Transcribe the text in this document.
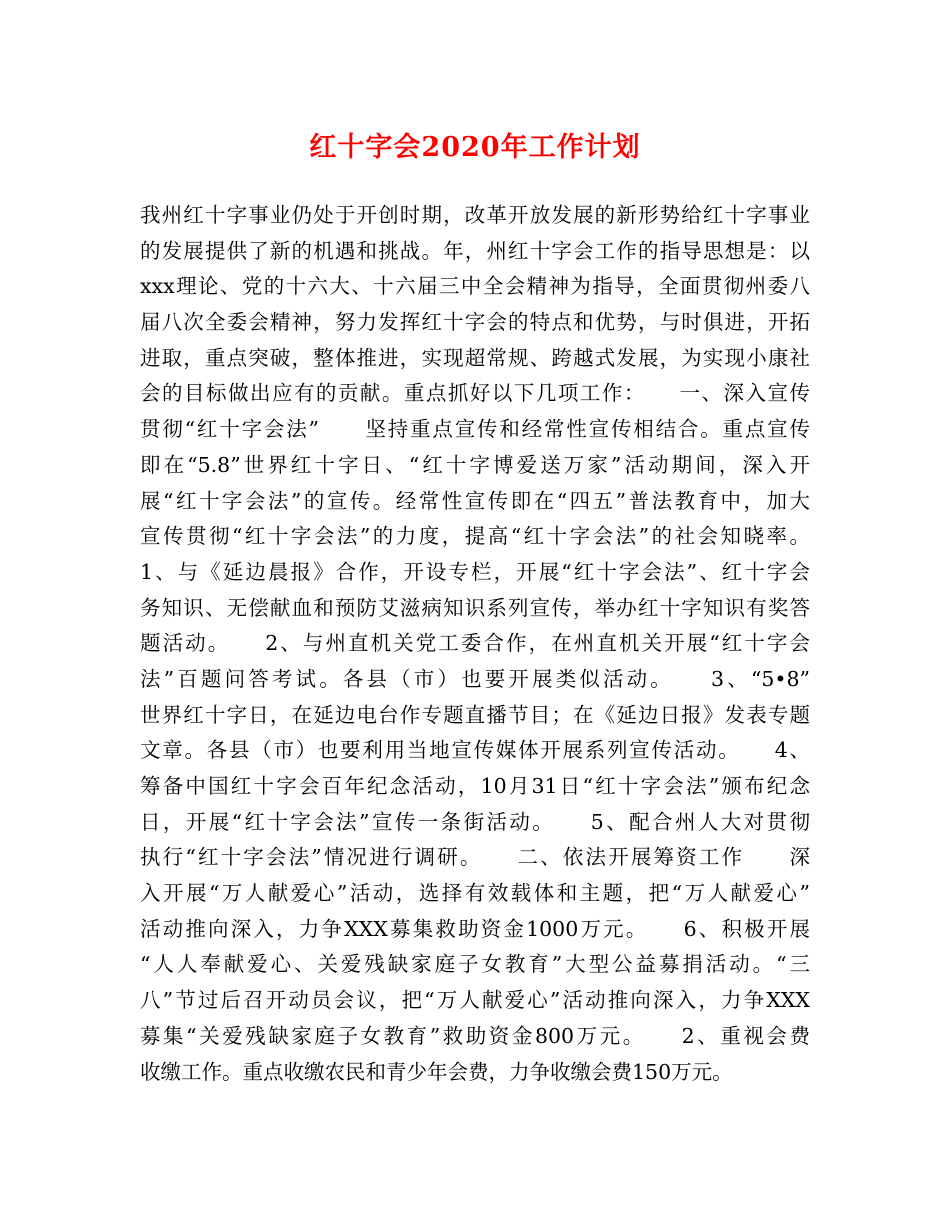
红十字会2020年工作计划
我州红十字事业仍处于开创时期，改革开放发展的新形势给红十字事业
的发展提供了新的机遇和挑战。年，州红十字会工作的指导思想是：以
xxx理论、党的十六大、十六届三中全会精神为指导，全面贯彻州委八
届八次全委会精神，努力发挥红十字会的特点和优势，与时俱进，开拓
进取，重点突破，整体推进，实现超常规、跨越式发展，为实现小康社
会的目标做出应有的贡献。重点抓好以下几项工作：　　一、深入宣传
贯彻“红十字会法”　　坚持重点宣传和经常性宣传相结合。重点宣传
即在“5.8”世界红十字日、“红十字博爱送万家”活动期间，深入开
展“红十字会法”的宣传。经常性宣传即在“四五”普法教育中，加大
宣传贯彻“红十字会法”的力度，提高“红十字会法”的社会知晓率。
1、与《延边晨报》合作，开设专栏，开展“红十字会法”、红十字会
务知识、无偿献血和预防艾滋病知识系列宣传，举办红十字知识有奖答
题活动。　　2、与州直机关党工委合作，在州直机关开展“红十字会
法”百题问答考试。各县（市）也要开展类似活动。　　3、“5•8”
世界红十字日，在延边电台作专题直播节目；在《延边日报》发表专题
文章。各县（市）也要利用当地宣传媒体开展系列宣传活动。　　4、
筹备中国红十字会百年纪念活动，10月31日“红十字会法”颁布纪念
日，开展“红十字会法”宣传一条街活动。　　5、配合州人大对贯彻
执行“红十字会法”情况进行调研。　　二、依法开展筹资工作　　深
入开展“万人献爱心”活动，选择有效载体和主题，把“万人献爱心”
活动推向深入，力争XXX募集救助资金1000万元。　　6、积极开展
“人人奉献爱心、关爱残缺家庭子女教育”大型公益募捐活动。“三
八”节过后召开动员会议，把“万人献爱心”活动推向深入，力争XXX
募集“关爱残缺家庭子女教育”救助资金800万元。　　2、重视会费
收缴工作。重点收缴农民和青少年会费，力争收缴会费150万元。
